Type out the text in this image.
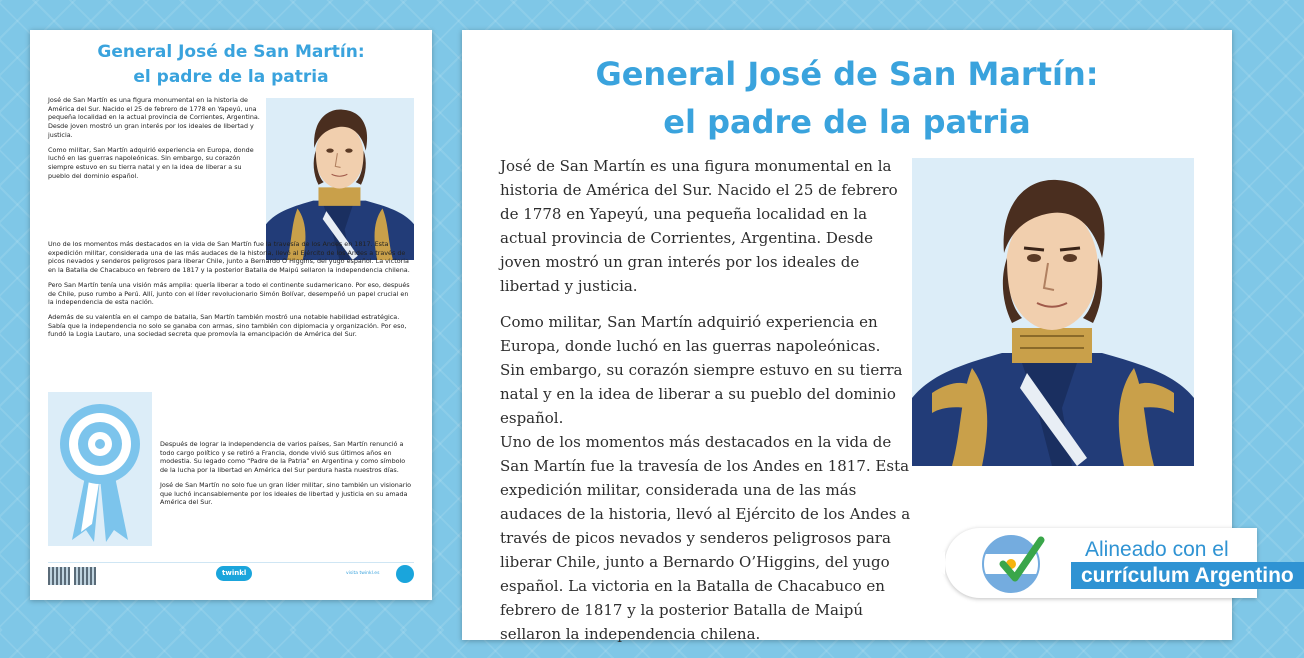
General José de San Martín:
el padre de la patria

José de San Martín es una figura monumental en la historia de América del Sur. Nacido el 25 de febrero de 1778 en Yapeyú, una pequeña localidad en la actual provincia de Corrientes, Argentina. Desde joven mostró un gran interés por los ideales de libertad y justicia.

Como militar, San Martín adquirió experiencia en Europa, donde luchó en las guerras napoleónicas. Sin embargo, su corazón siempre estuvo en su tierra natal y en la idea de liberar a su pueblo del dominio español.

Uno de los momentos más destacados en la vida de San Martín fue la travesía de los Andes en 1817. Esta expedición militar, considerada una de las más audaces de la historia, llevó al Ejército de los Andes a través de picos nevados y senderos peligrosos para liberar Chile, junto a Bernardo O’Higgins, del yugo español. La victoria en la Batalla de Chacabuco en febrero de 1817 y la posterior Batalla de Maipú sellaron la independencia chilena.

Pero San Martín tenía una visión más amplia: quería liberar a todo el continente sudamericano. Por eso, después de Chile, puso rumbo a Perú. Allí, junto con el líder revolucionario Simón Bolívar, desempeñó un papel crucial en la independencia de esta nación.

Además de su valentía en el campo de batalla, San Martín también mostró una notable habilidad estratégica. Sabía que la independencia no solo se ganaba con armas, sino también con diplomacia y organización. Por eso, fundó la Logia Lautaro, una sociedad secreta que promovía la emancipación de América del Sur.

Después de lograr la independencia de varios países, San Martín renunció a todo cargo político y se retiró a Francia, donde vivió sus últimos años en modestia. Su legado como “Padre de la Patria” en Argentina y como símbolo de la lucha por la libertad en América del Sur perdura hasta nuestros días.

José de San Martín no solo fue un gran líder militar, sino también un visionario que luchó incansablemente por los ideales de libertad y justicia en su amada América del Sur.

twinkl	visita twinkl.es
General José de San Martín:
el padre de la patria

José de San Martín es una figura monumental en la historia de América del Sur. Nacido el 25 de febrero de 1778 en Yapeyú, una pequeña localidad en la actual provincia de Corrientes, Argentina. Desde joven mostró un gran interés por los ideales de libertad y justicia.

Como militar, San Martín adquirió experiencia en Europa, donde luchó en las guerras napoleónicas. Sin embargo, su corazón siempre estuvo en su tierra natal y en la idea de liberar a su pueblo del dominio español.

Uno de los momentos más destacados en la vida de San Martín fue la travesía de los Andes en 1817. Esta expedición militar, considerada una de las más audaces de la historia, llevó al Ejército de los Andes a través de picos nevados y senderos peligrosos para liberar Chile, junto a Bernardo O’Higgins, del yugo español. La victoria en la Batalla de Chacabuco en febrero de 1817 y la posterior Batalla de Maipú sellaron la independencia chilena.

Alineado con el
currículum Argentino
